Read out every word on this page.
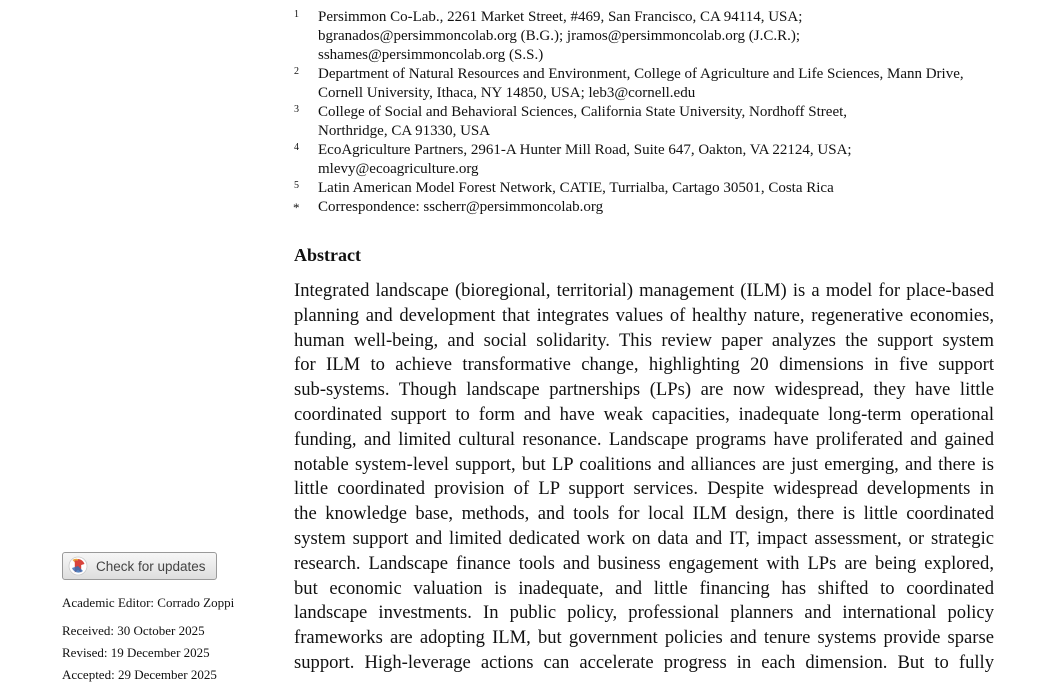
1 Persimmon Co-Lab., 2261 Market Street, #469, San Francisco, CA 94114, USA;
bgranados@persimmoncolab.org (B.G.); jramos@persimmoncolab.org (J.C.R.);
sshames@persimmoncolab.org (S.S.)
2 Department of Natural Resources and Environment, College of Agriculture and Life Sciences, Mann Drive,
Cornell University, Ithaca, NY 14850, USA; leb3@cornell.edu
3 College of Social and Behavioral Sciences, California State University, Nordhoff Street,
Northridge, CA 91330, USA
4 EcoAgriculture Partners, 2961-A Hunter Mill Road, Suite 647, Oakton, VA 22124, USA;
mlevy@ecoagriculture.org
5 Latin American Model Forest Network, CATIE, Turrialba, Cartago 30501, Costa Rica
* Correspondence: sscherr@persimmoncolab.org
Abstract
Integrated landscape (bioregional, territorial) management (ILM) is a model for place-based
planning and development that integrates values of healthy nature, regenerative economies,
human well-being, and social solidarity. This review paper analyzes the support system
for ILM to achieve transformative change, highlighting 20 dimensions in five support
sub-systems. Though landscape partnerships (LPs) are now widespread, they have little
coordinated support to form and have weak capacities, inadequate long-term operational
funding, and limited cultural resonance. Landscape programs have proliferated and gained
notable system-level support, but LP coalitions and alliances are just emerging, and there is
little coordinated provision of LP support services. Despite widespread developments in
the knowledge base, methods, and tools for local ILM design, there is little coordinated
system support and limited dedicated work on data and IT, impact assessment, or strategic
research. Landscape finance tools and business engagement with LPs are being explored,
but economic valuation is inadequate, and little financing has shifted to coordinated
landscape investments. In public policy, professional planners and international policy
frameworks are adopting ILM, but government policies and tenure systems provide sparse
support. High-leverage actions can accelerate progress in each dimension. But to fully
Check for updates
Academic Editor: Corrado Zoppi
Received: 30 October 2025
Revised: 19 December 2025
Accepted: 29 December 2025
